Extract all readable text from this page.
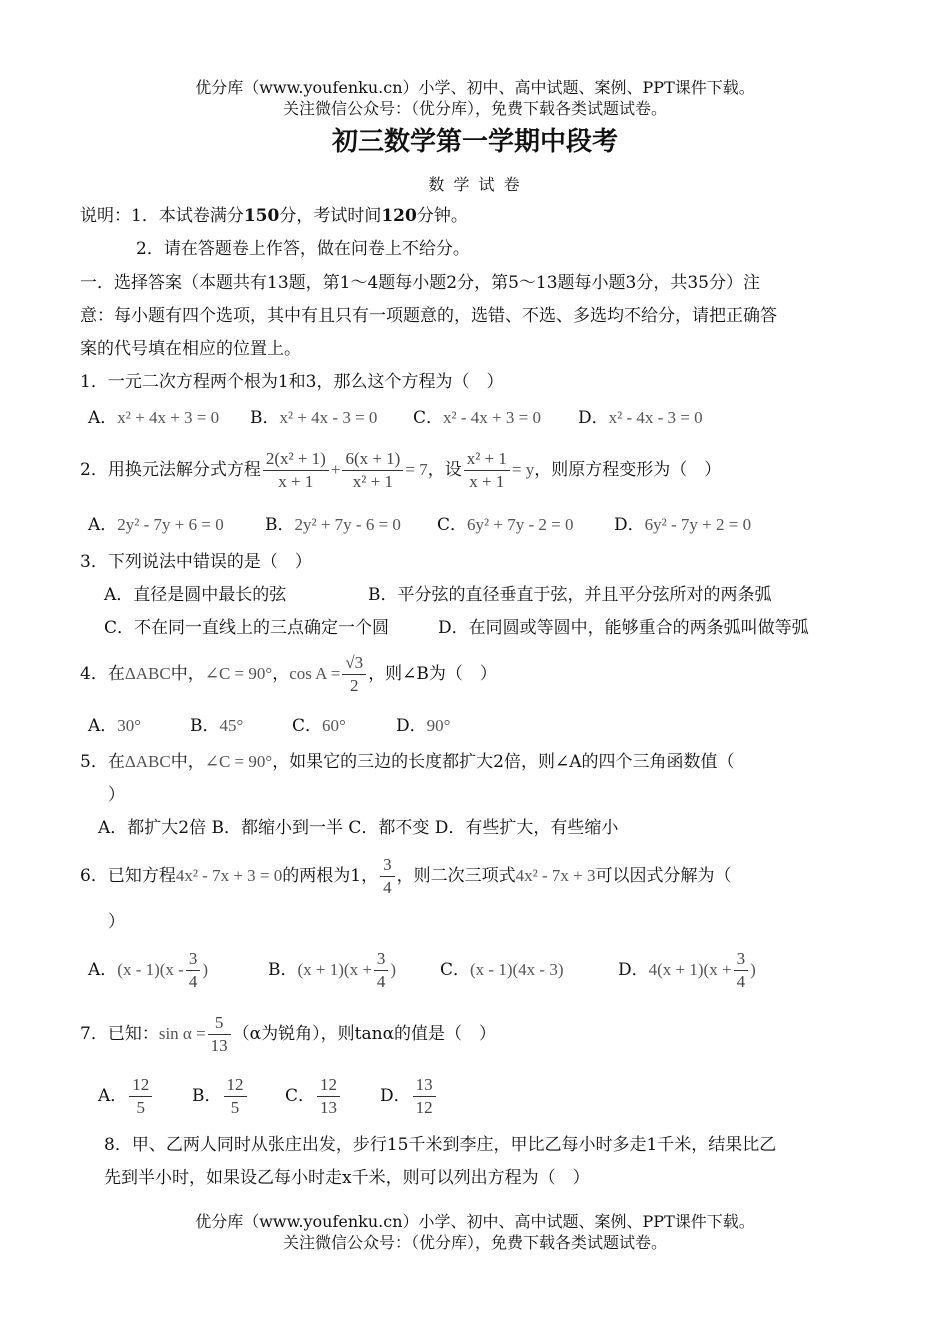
优分库（www.youfenku.cn）小学、初中、高中试题、案例、PPT课件下载。
关注微信公众号：（优分库），免费下载各类试题试卷。
初三数学第一学期中段考
数 学 试 卷
说明：1．本试卷满分150分，考试时间120分钟。
2．请在答题卷上作答，做在问卷上不给分。
一．选择答案（本题共有13题，第1～4题每小题2分，第5～13题每小题3分，共35分）注
意：每小题有四个选项，其中有且只有一项题意的，选错、不选、多选均不给分，请把正确答
案的代号填在相应的位置上。
1．一元二次方程两个根为1和3，那么这个方程为（　）
A．x² + 4x + 3 = 0 B．x² + 4x - 3 = 0 C．x² - 4x + 3 = 0 D．x² - 4x - 3 = 0
2．用换元法解分式方程 $\frac{\text{2(x² + 1)}}{x + 1} + \frac{6(x + 1)}{\text{x² + 1}} = 7$，设 $\frac{\text{x² + 1}}{x + 1} = y$，则原方程变形为（　）
A．2y² - 7y + 6 = 0 B．2y² + 7y - 6 = 0 C．6y² + 7y - 2 = 0 D．6y² - 7y + 2 = 0
3．下列说法中错误的是（　）
A．直径是圆中最长的弦	B．平分弦的直径垂直于弦，并且平分弦所对的两条弧
C．不在同一直线上的三点确定一个圆	D．在同圆或等圆中，能够重合的两条弧叫做等弧
4．在ΔABC中，∠C = 90°，$\cos A = \frac{√3}{2}$ ，则∠B为（　）
A．30°	B．45°	C．60°	D．90°
5．在ΔABC中，∠C = 90°，如果它的三边的长度都扩大2倍，则∠A的四个三角函数值（
）
A．都扩大2倍 B．都缩小到一半 C．都不变 D．有些扩大，有些缩小
6．已知方程4x² - 7x + 3 = 0的两根为1， $\frac{3}{4}$ ，则二次三项式4x² - 7x + 3可以因式分解为（
）
A．$(x - 1)(x - \frac{3}{4}$ )	B．$(x + 1)(x + \frac{3}{4}$ )	C．(x - 1)(4x - 3)	D．$4(x + 1)(x + \frac{3}{4}$ )
7．已知：$\sin \alpha = \frac{5}{13} (\alpha$为锐角），则tanα的值是（　）
A． $\frac{12}{5}$ B． $\frac{12}{5}$ C． $\frac{12}{13}$ D． $\frac{13}{12}$
8．甲、乙两人同时从张庄出发，步行15千米到李庄，甲比乙每小时多走1千米，结果比乙
先到半小时，如果设乙每小时走x千米，则可以列出方程为（　）
优分库（www.youfenku.cn）小学、初中、高中试题、案例、PPT课件下载。
关注微信公众号：（优分库），免费下载各类试题试卷。
